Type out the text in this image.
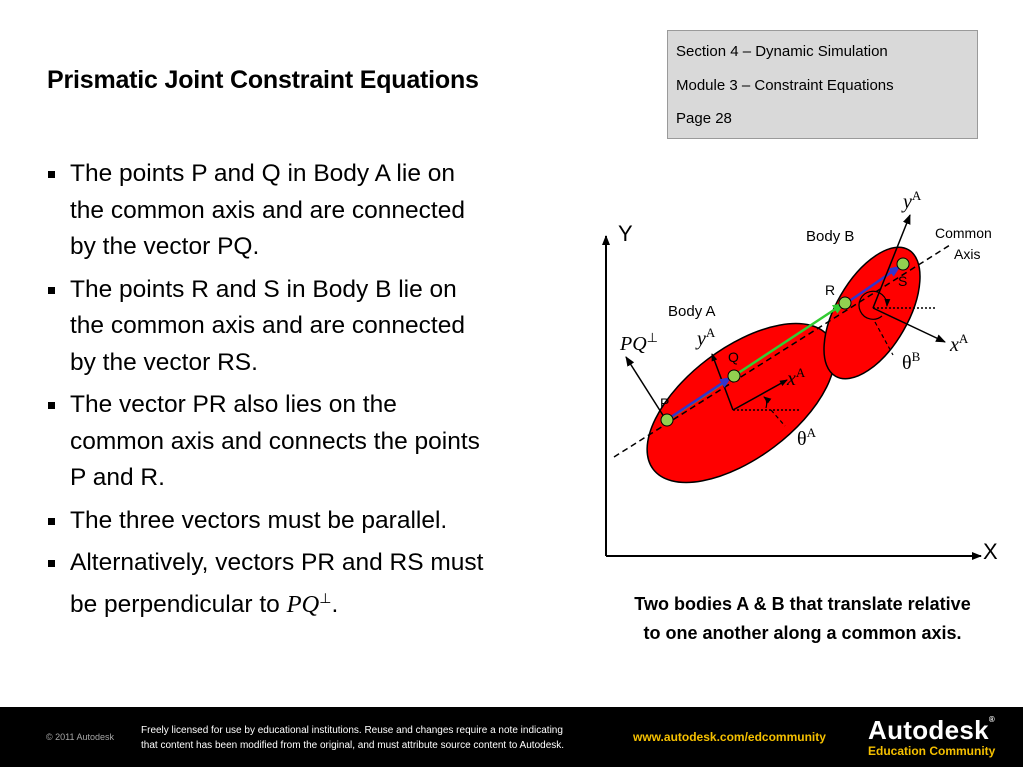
Prismatic Joint Constraint Equations
Section 4 – Dynamic Simulation
Module 3 – Constraint Equations
Page 28
The points P and Q in Body A lie on the common axis and are connected by the vector PQ.
The points R and S in Body B lie on the common axis and are connected by the vector RS.
The vector PR also lies on the common axis and connects the points P and R.
The three vectors must be parallel.
Alternatively, vectors PR and RS must be perpendicular to PQ⊥.
Y
X
Body A
Body B	Common
Axis
P
Q
R
S
PQ⊥ $y^A$
$x^A$
$\theta^A$
$y^A$
$x^A$
$\theta^B$
Two bodies A & B that translate relative to one another along a common axis.
© 2011 Autodesk
Freely licensed for use by educational institutions. Reuse and changes require a note indicating
that content has been modified from the original, and must attribute source content to Autodesk.
www.autodesk.com/edcommunity Autodesk®
Education Community
